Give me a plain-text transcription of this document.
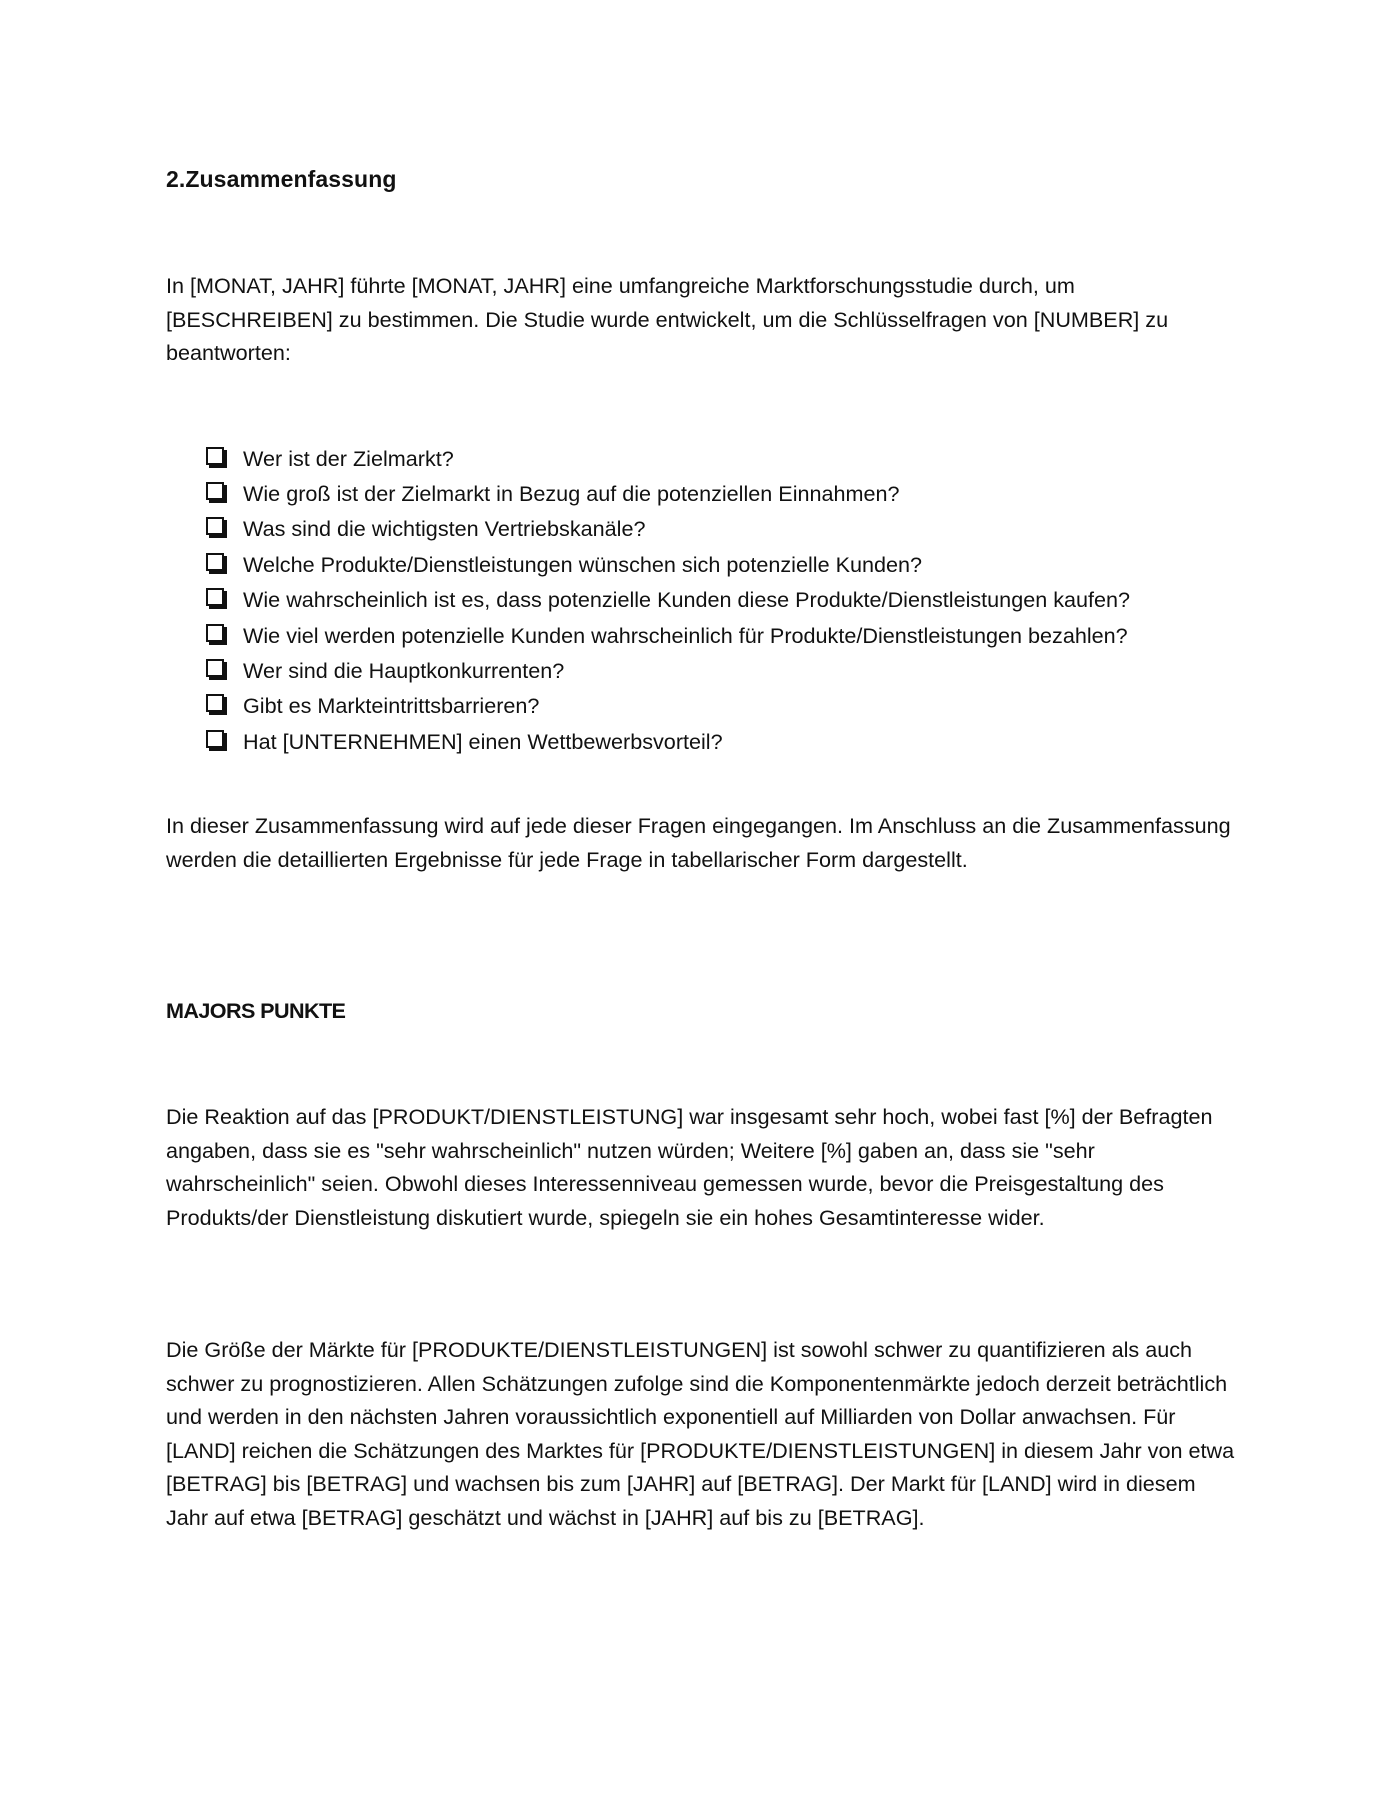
2.Zusammenfassung
In [MONAT, JAHR] führte [MONAT, JAHR] eine umfangreiche Marktforschungsstudie durch, um [BESCHREIBEN] zu bestimmen. Die Studie wurde entwickelt, um die Schlüsselfragen von [NUMBER] zu beantworten:
Wer ist der Zielmarkt?
Wie groß ist der Zielmarkt in Bezug auf die potenziellen Einnahmen?
Was sind die wichtigsten Vertriebskanäle?
Welche Produkte/Dienstleistungen wünschen sich potenzielle Kunden?
Wie wahrscheinlich ist es, dass potenzielle Kunden diese Produkte/Dienstleistungen kaufen?
Wie viel werden potenzielle Kunden wahrscheinlich für Produkte/Dienstleistungen bezahlen?
Wer sind die Hauptkonkurrenten?
Gibt es Markteintrittsbarrieren?
Hat [UNTERNEHMEN] einen Wettbewerbsvorteil?
In dieser Zusammenfassung wird auf jede dieser Fragen eingegangen. Im Anschluss an die Zusammenfassung werden die detaillierten Ergebnisse für jede Frage in tabellarischer Form dargestellt.
MAJORS PUNKTE
Die Reaktion auf das [PRODUKT/DIENSTLEISTUNG] war insgesamt sehr hoch, wobei fast [%] der Befragten angaben, dass sie es "sehr wahrscheinlich" nutzen würden; Weitere [%] gaben an, dass sie "sehr wahrscheinlich" seien. Obwohl dieses Interessenniveau gemessen wurde, bevor die Preisgestaltung des Produkts/der Dienstleistung diskutiert wurde, spiegeln sie ein hohes Gesamtinteresse wider.
Die Größe der Märkte für [PRODUKTE/DIENSTLEISTUNGEN] ist sowohl schwer zu quantifizieren als auch schwer zu prognostizieren. Allen Schätzungen zufolge sind die Komponentenmärkte jedoch derzeit beträchtlich und werden in den nächsten Jahren voraussichtlich exponentiell auf Milliarden von Dollar anwachsen. Für [LAND] reichen die Schätzungen des Marktes für [PRODUKTE/DIENSTLEISTUNGEN] in diesem Jahr von etwa [BETRAG] bis [BETRAG] und wachsen bis zum [JAHR] auf [BETRAG]. Der Markt für [LAND] wird in diesem Jahr auf etwa [BETRAG] geschätzt und wächst in [JAHR] auf bis zu [BETRAG].
